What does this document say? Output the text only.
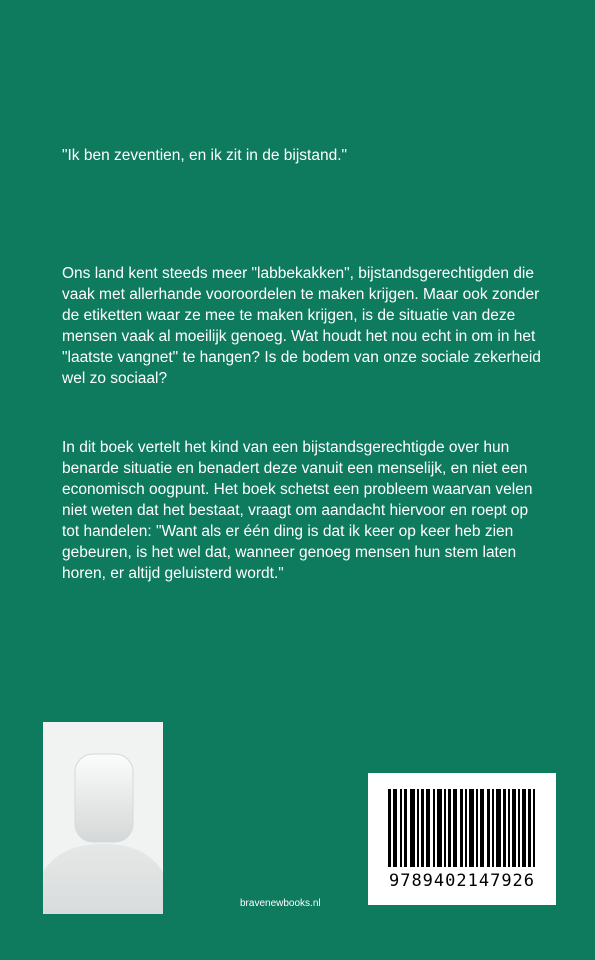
"Ik ben zeventien, en ik zit in de bijstand."

Ons land kent steeds meer "labbekakken", bijstandsgerechtigden die vaak met allerhande vooroordelen te maken krijgen. Maar ook zonder de etiketten waar ze mee te maken krijgen, is de situatie van deze mensen vaak al moeilijk genoeg. Wat houdt het nou echt in om in het "laatste vangnet" te hangen? Is de bodem van onze sociale zekerheid wel zo sociaal?

In dit boek vertelt het kind van een bijstandsgerechtigde over hun benarde situatie en benadert deze vanuit een menselijk, en niet een economisch oogpunt. Het boek schetst een probleem waarvan velen niet weten dat het bestaat, vraagt om aandacht hiervoor en roept op tot handelen: "Want als er één ding is dat ik keer op keer heb zien gebeuren, is het wel dat, wanneer genoeg mensen hun stem laten horen, er altijd geluisterd wordt."

bravenewbooks.nl
9789402147926
